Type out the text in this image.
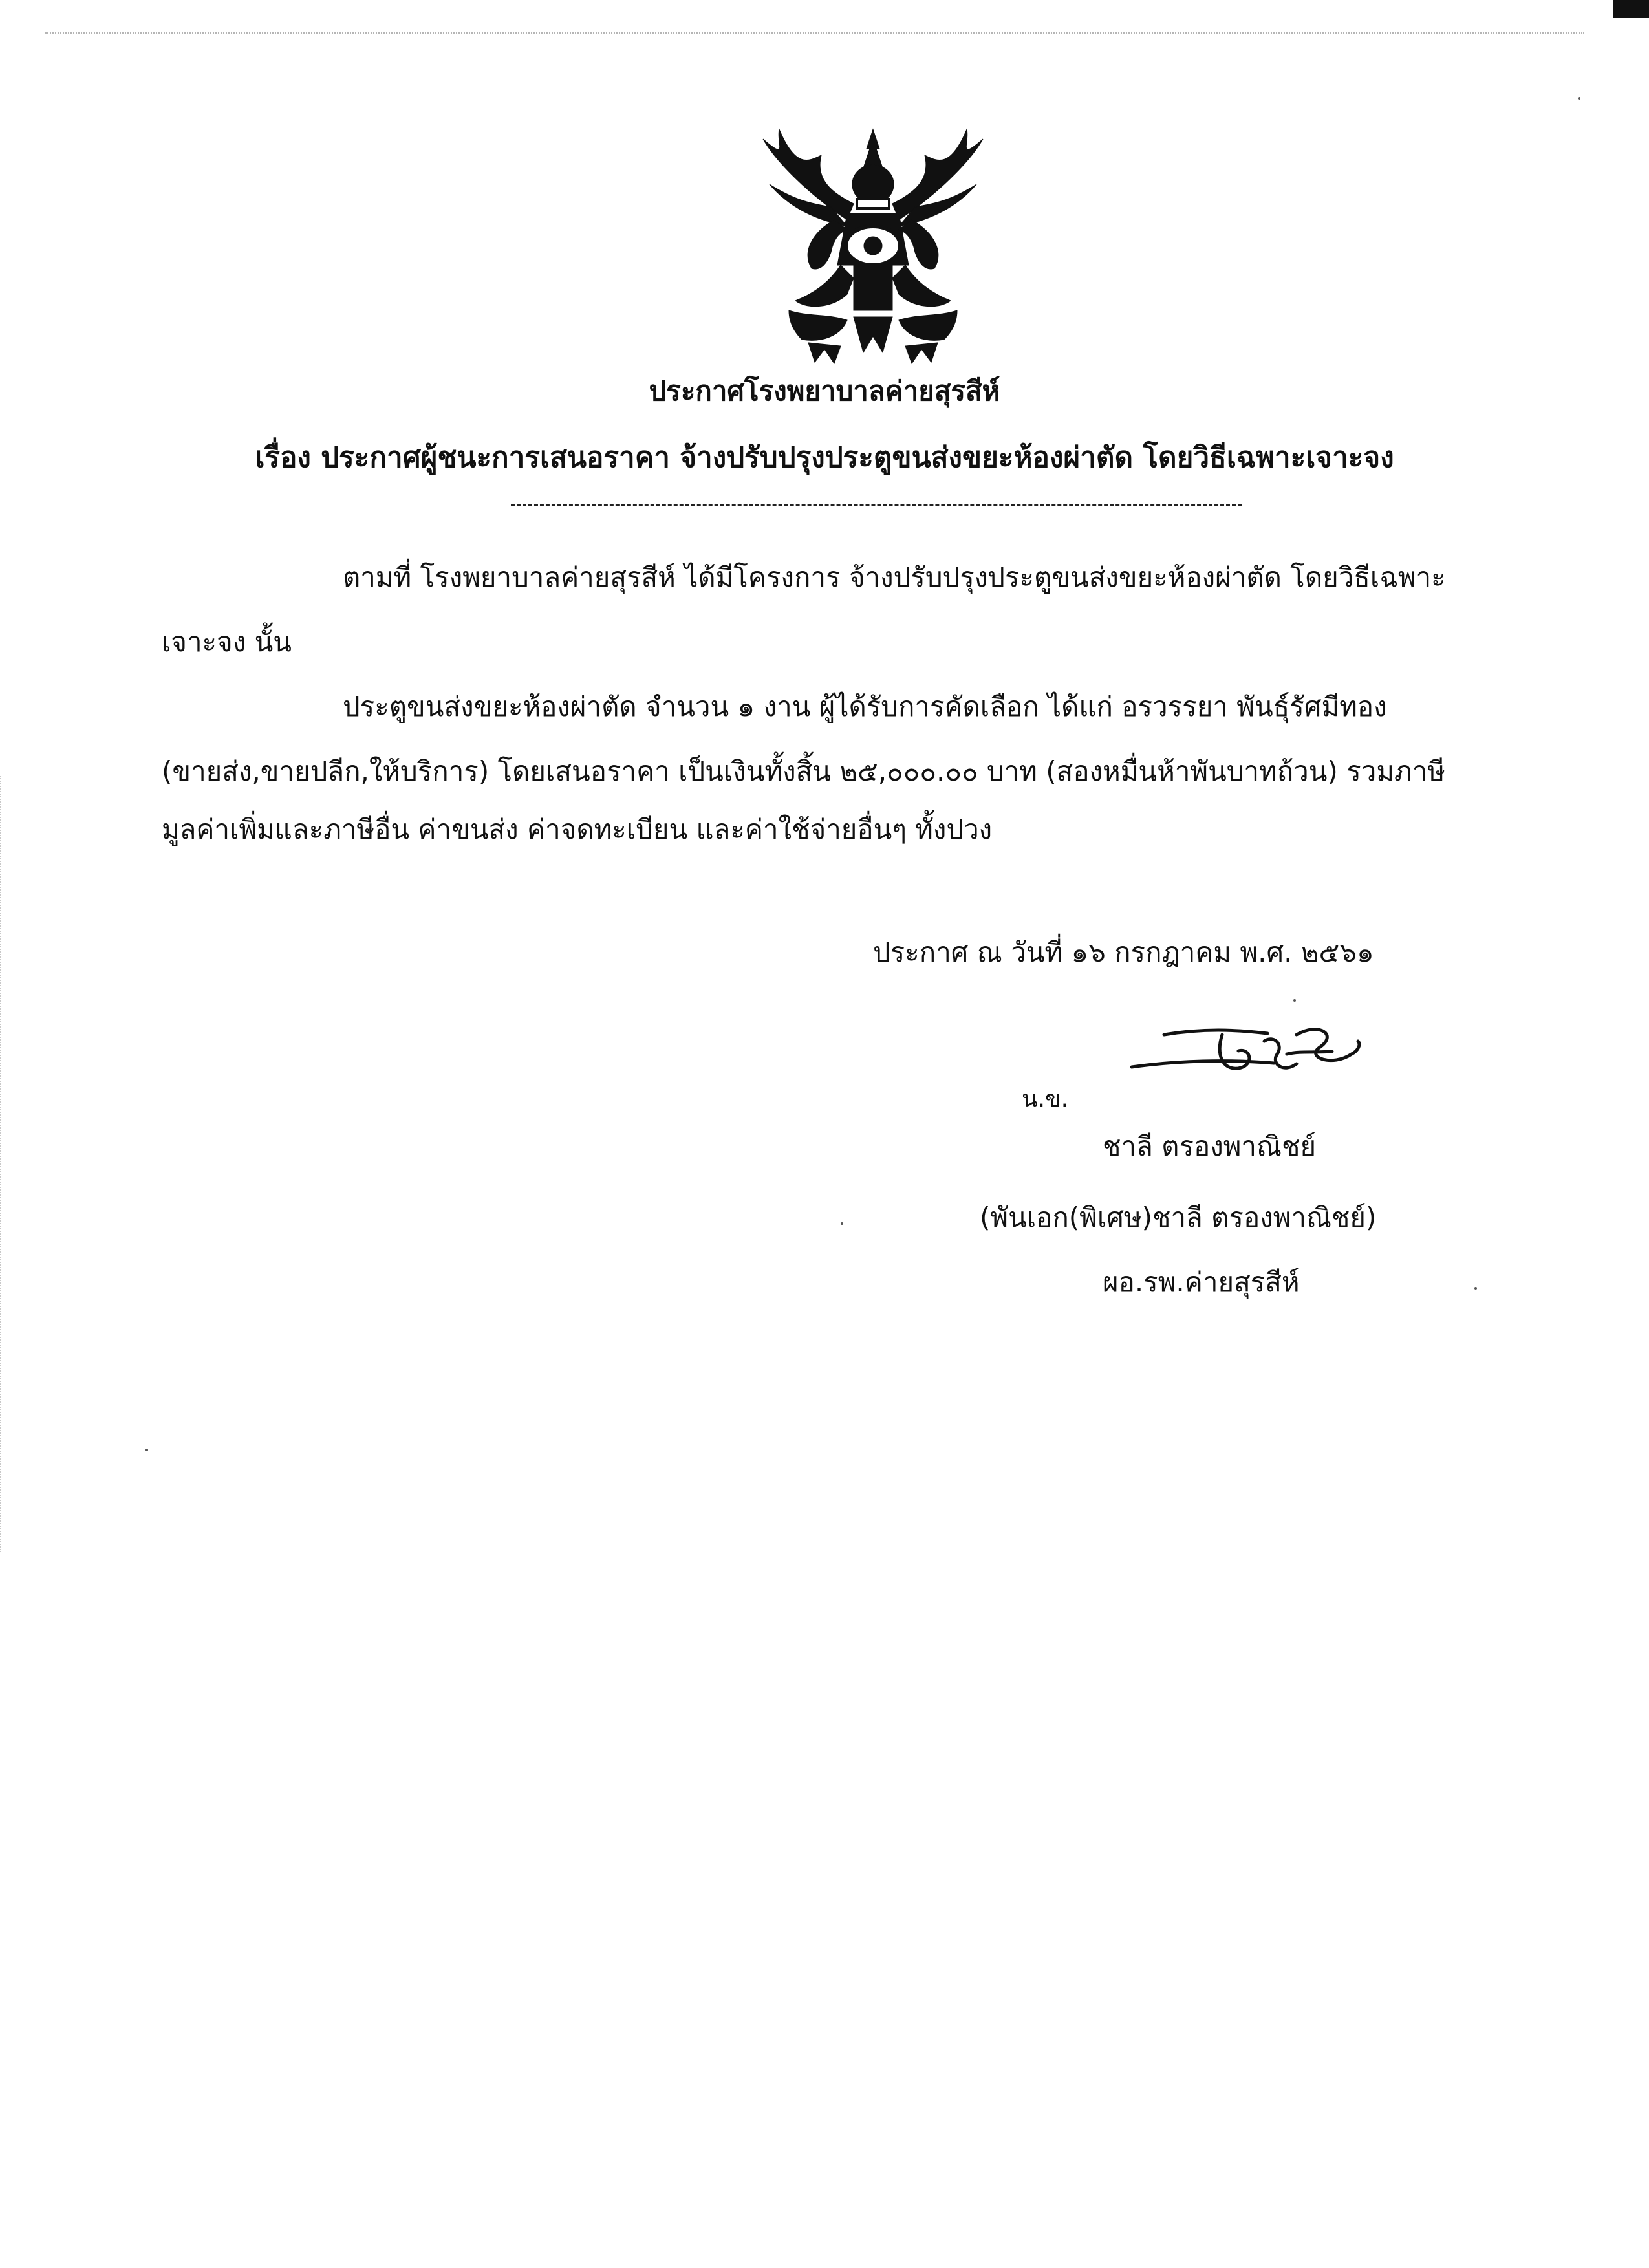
ประกาศโรงพยาบาลค่ายสุรสีห์
เรื่อง ประกาศผู้ชนะการเสนอราคา จ้างปรับปรุงประตูขนส่งขยะห้องผ่าตัด โดยวิธีเฉพาะเจาะจง
ตามที่ โรงพยาบาลค่ายสุรสีห์ ได้มีโครงการ จ้างปรับปรุงประตูขนส่งขยะห้องผ่าตัด โดยวิธีเฉพาะ
เจาะจง นั้น
ประตูขนส่งขยะห้องผ่าตัด จำนวน ๑ งาน ผู้ได้รับการคัดเลือก ได้แก่ อรวรรยา พันธุ์รัศมีทอง
(ขายส่ง,ขายปลีก,ให้บริการ) โดยเสนอราคา เป็นเงินทั้งสิ้น ๒๕,๐๐๐.๐๐ บาท (สองหมื่นห้าพันบาทถ้วน) รวมภาษี
มูลค่าเพิ่มและภาษีอื่น ค่าขนส่ง ค่าจดทะเบียน และค่าใช้จ่ายอื่นๆ ทั้งปวง
ประกาศ ณ วันที่ ๑๖ กรกฎาคม พ.ศ. ๒๕๖๑
น.ข.
ชาลี ตรองพาณิชย์
(พันเอก(พิเศษ)ชาลี ตรองพาณิชย์)
ผอ.รพ.ค่ายสุรสีห์
